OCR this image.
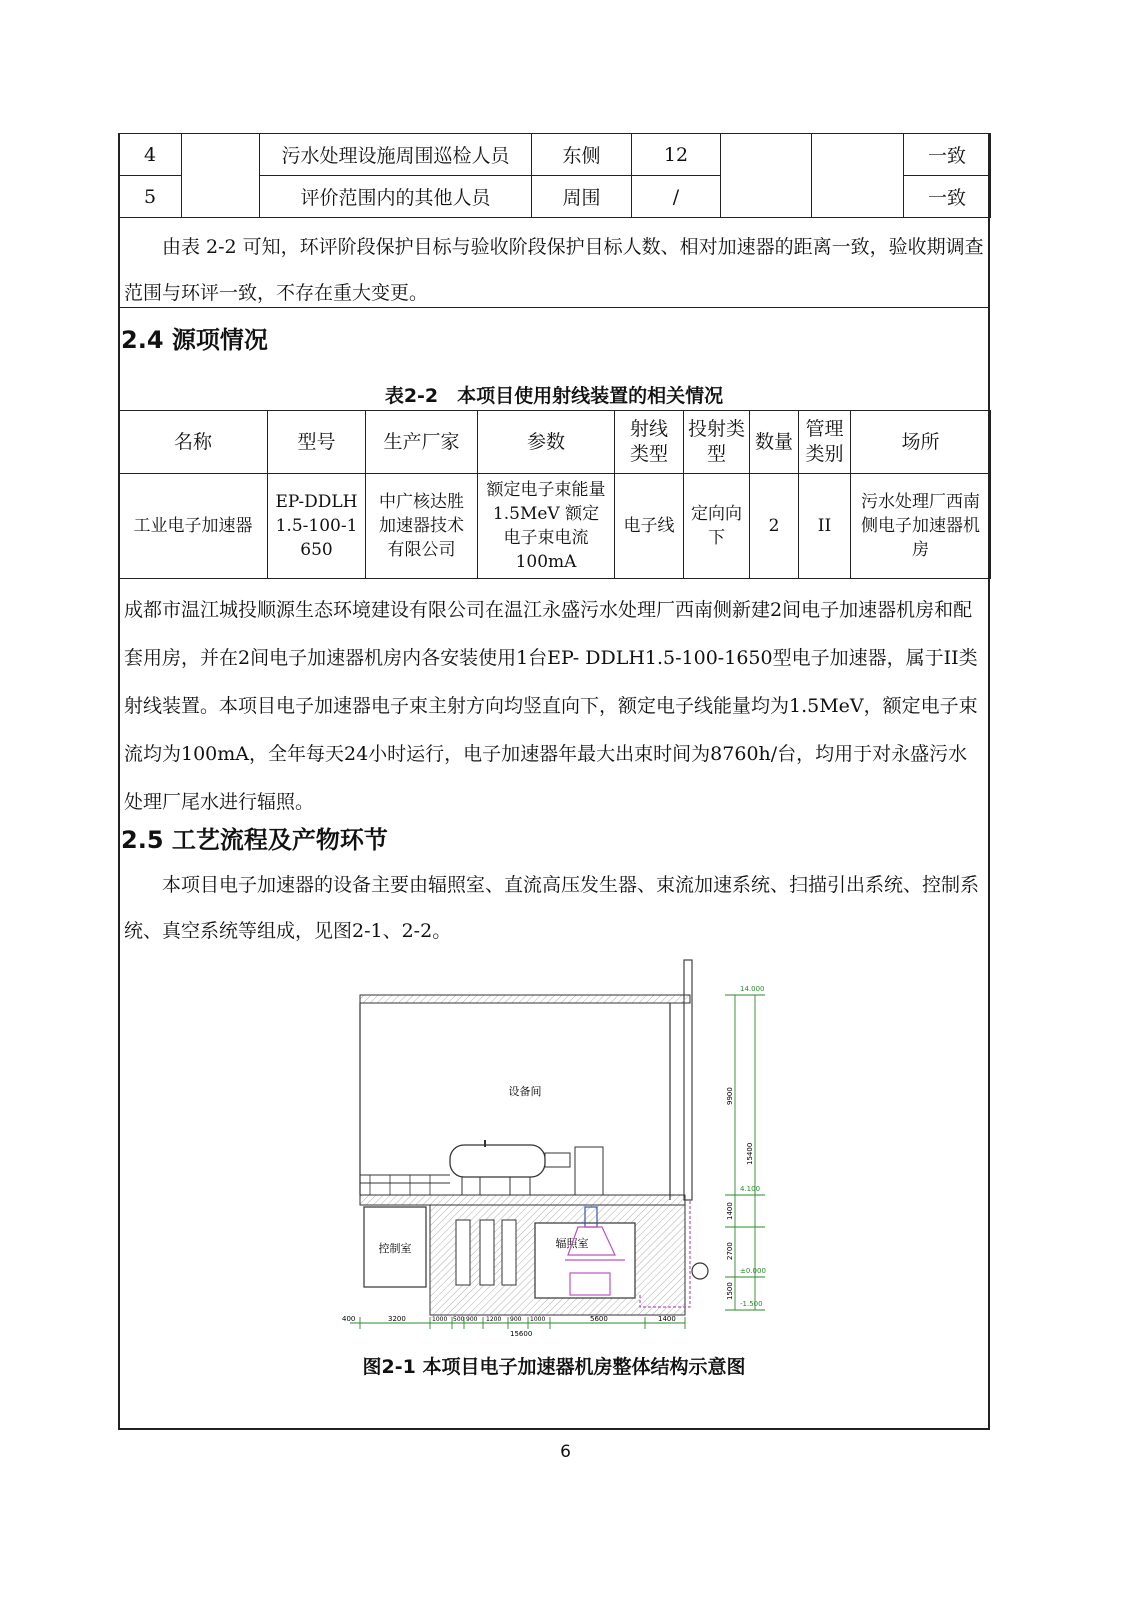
4		污水处理设施周围巡检人员	东侧	12			一致
5		评价范围内的其他人员	周围	/			一致

　　由表 2-2 可知，环评阶段保护目标与验收阶段保护目标人数、相对加速器的距离一致，验收期调查范围与环评一致，不存在重大变更。

2.4 源项情况

表2-2　本项目使用射线装置的相关情况

名称	型号	生产厂家	参数	射线类型	投射类型	数量	管理类别	场所
工业电子加速器	EP-DDLH1.5-100-1650	中广核达胜加速器技术有限公司	额定电子束能量1.5MeV 额定电子束电流100mA	电子线	定向向下	2	II	污水处理厂西南侧电子加速器机房

成都市温江城投顺源生态环境建设有限公司在温江永盛污水处理厂西南侧新建2间电子加速器机房和配套用房，并在2间电子加速器机房内各安装使用1台EP- DDLH1.5-100-1650型电子加速器，属于II类射线装置。本项目电子加速器电子束主射方向均竖直向下，额定电子线能量均为1.5MeV，额定电子束流均为100mA，全年每天24小时运行，电子加速器年最大出束时间为8760h/台，均用于对永盛污水处理厂尾水进行辐照。

2.5 工艺流程及产物环节

　　本项目电子加速器的设备主要由辐照室、直流高压发生器、束流加速系统、扫描引出系统、控制系统、真空系统等组成，见图2-1、2-2。

设备间
控制室	辐照室
14.000
4.100
±0.000
-1.500
9900
15400
1400
2700
1500
400	3200	1000 500 900 1200 900 1000	5600	1400
15600

图2-1 本项目电子加速器机房整体结构示意图

6
